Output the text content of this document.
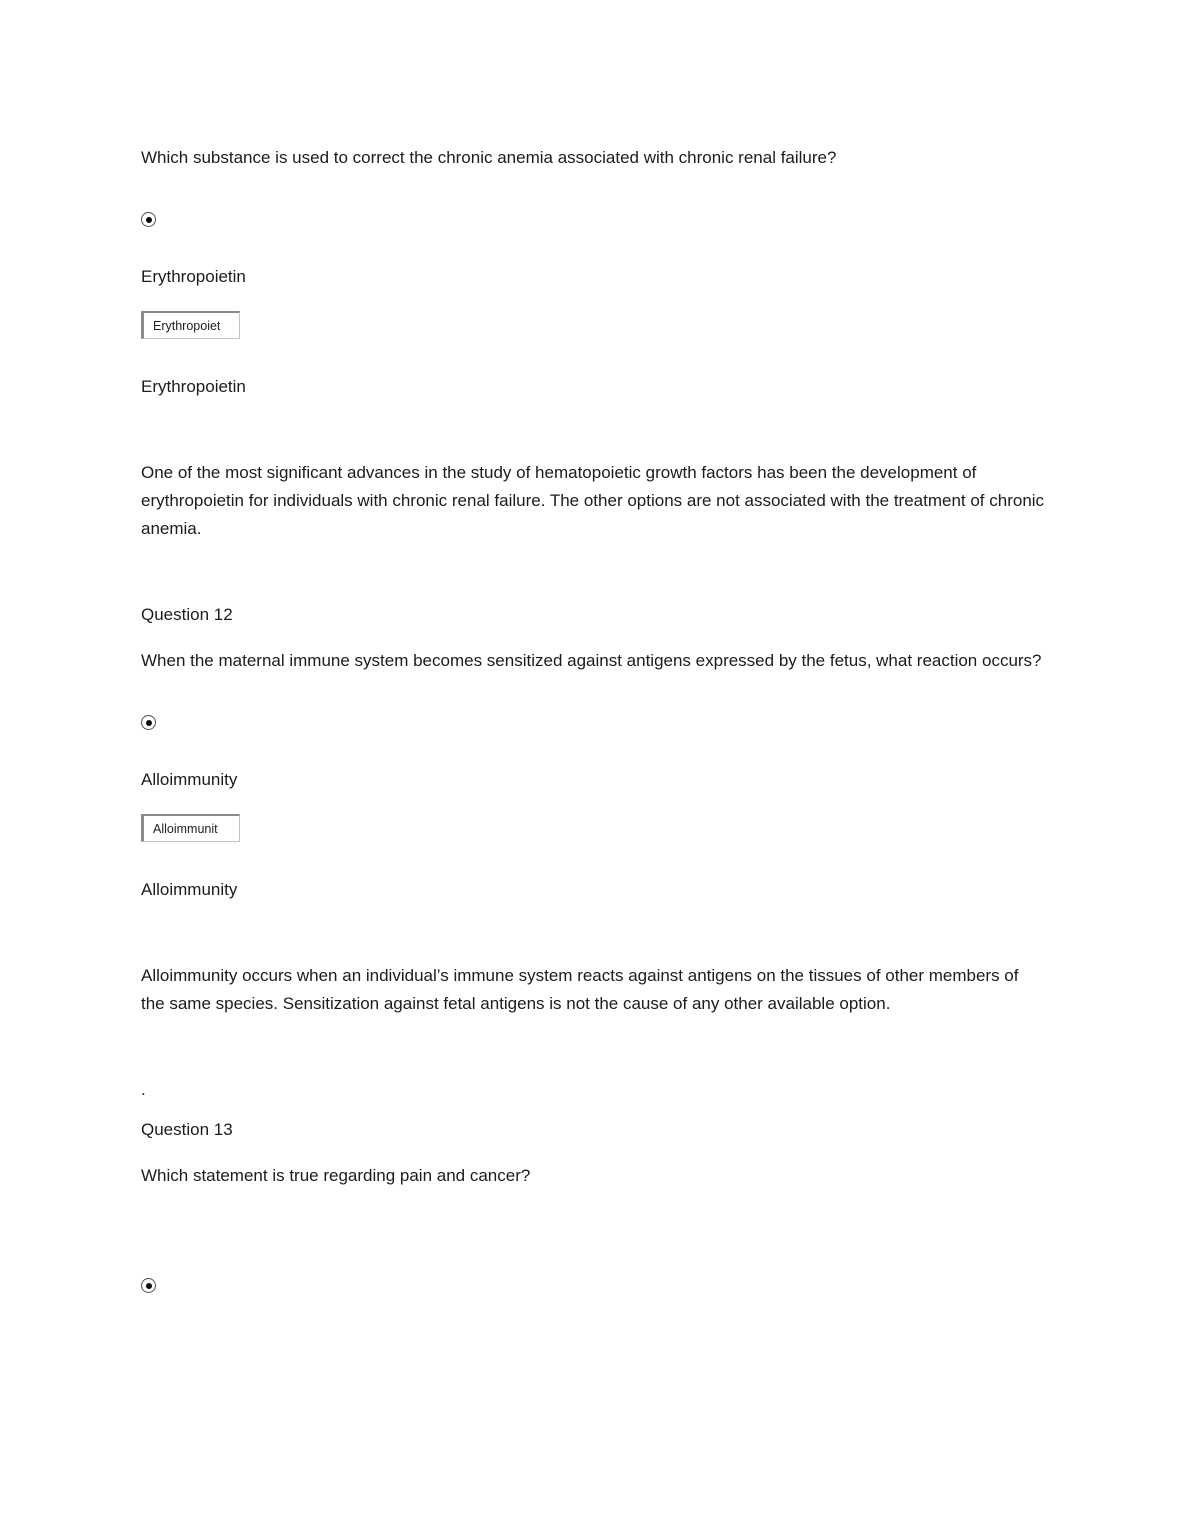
Which substance is used to correct the chronic anemia associated with chronic renal failure?

Erythropoietin

Erythropoiet

Erythropoietin

One of the most significant advances in the study of hematopoietic growth factors has been the development of erythropoietin for individuals with chronic renal failure. The other options are not associated with the treatment of chronic anemia.

Question 12

When the maternal immune system becomes sensitized against antigens expressed by the fetus, what reaction occurs?

Alloimmunity

Alloimmunit

Alloimmunity

Alloimmunity occurs when an individual’s immune system reacts against antigens on the tissues of other members of the same species. Sensitization against fetal antigens is not the cause of any other available option.

.

Question 13

Which statement is true regarding pain and cancer?
